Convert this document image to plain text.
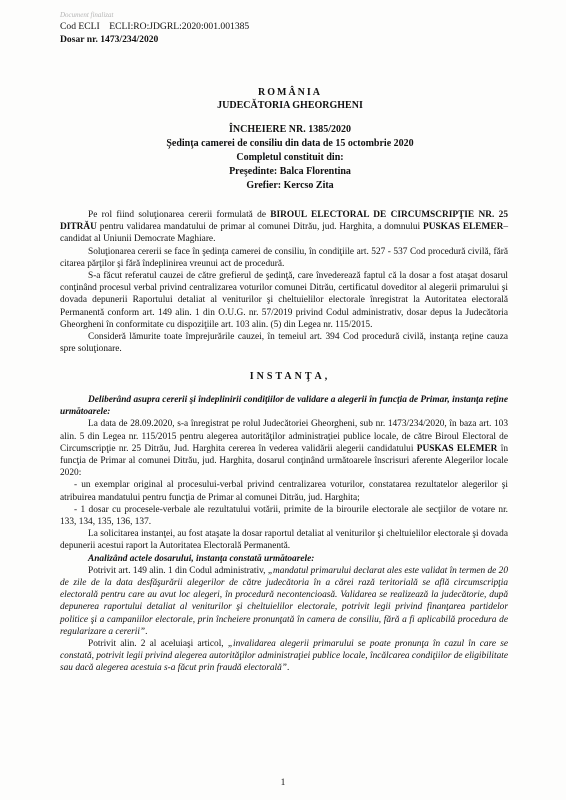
Document finalizat
Cod ECLI    ECLI:RO:JDGRL:2020:001.001385
Dosar nr. 1473/234/2020
ROMÂNIA
JUDECĂTORIA GHEORGHENI
ÎNCHEIERE NR. 1385/2020
Şedinţa camerei de consiliu din data de 15 octombrie 2020
Completul constituit din:
Preşedinte: Balca Florentina
Grefier: Kercso Zita

Pe rol fiind soluţionarea cererii formulată de BIROUL ELECTORAL DE CIRCUMSCRIPŢIE NR. 25 DITRĂU pentru validarea mandatului de primar al comunei Ditrău, jud. Harghita, a domnului PUSKAS ELEMER– candidat al Uniunii Democrate Maghiare.

Soluţionarea cererii se face în şedinţa camerei de consiliu, în condiţiile art. 527 - 537 Cod procedură civilă, fără citarea părţilor şi fără îndeplinirea vreunui act de procedură.

S-a făcut referatul cauzei de către grefierul de şedinţă, care învederează faptul că la dosar a fost ataşat dosarul conţinând procesul verbal privind centralizarea voturilor comunei Ditrău, certificatul doveditor al alegerii primarului şi dovada depunerii Raportului detaliat al veniturilor şi cheltuielilor electorale înregistrat la Autoritatea electorală Permanentă conform art. 149 alin. 1 din O.U.G. nr. 57/2019 privind Codul administrativ, dosar depus la Judecătoria Gheorgheni în conformitate cu dispoziţiile art. 103 alin. (5) din Legea nr. 115/2015.

Consideră lămurite toate împrejurările cauzei, în temeiul art. 394 Cod procedură civilă, instanţa reţine cauza spre soluţionare.

INSTANŢA,

Deliberând asupra cererii şi îndeplinirii condiţiilor de validare a alegerii în funcţia de Primar, instanţa reţine următoarele:

La data de 28.09.2020, s-a înregistrat pe rolul Judecătoriei Gheorgheni, sub nr. 1473/234/2020, în baza art. 103 alin. 5 din Legea nr. 115/2015 pentru alegerea autorităţilor administraţiei publice locale, de către Biroul Electoral de Circumscripţie nr. 25 Ditrău, Jud. Harghita cererea în vederea validării alegerii candidatului PUSKAS ELEMER în funcţia de Primar al comunei Ditrău, jud. Harghita, dosarul conţinând următoarele înscrisuri aferente Alegerilor locale 2020:

- un exemplar original al procesului-verbal privind centralizarea voturilor, constatarea rezultatelor alegerilor şi atribuirea mandatului pentru funcţia de Primar al comunei Ditrău, jud. Harghita;

- 1 dosar cu procesele-verbale ale rezultatului votării, primite de la birourile electorale ale secţiilor de votare nr. 133, 134, 135, 136, 137.

La solicitarea instanţei, au fost ataşate la dosar raportul detaliat al veniturilor şi cheltuielilor electorale şi dovada depunerii acestui raport la Autoritatea Electorală Permanentă.

Analizând actele dosarului, instanţa constată următoarele:

Potrivit art. 149 alin. 1 din Codul administrativ, „mandatul primarului declarat ales este validat în termen de 20 de zile de la data desfăşurării alegerilor de către judecătoria în a cărei rază teritorială se află circumscripţia electorală pentru care au avut loc alegeri, în procedură necontencioasă. Validarea se realizează la judecătorie, după depunerea raportului detaliat al veniturilor şi cheltuielilor electorale, potrivit legii privind finanţarea partidelor politice şi a campaniilor electorale, prin încheiere pronunţată în camera de consiliu, fără a fi aplicabilă procedura de regularizare a cererii”.

Potrivit alin. 2 al aceluiaşi articol, „invalidarea alegerii primarului se poate pronunţa în cazul în care se constată, potrivit legii privind alegerea autorităţilor administraţiei publice locale, încălcarea condiţiilor de eligibilitate sau dacă alegerea acestuia s-a făcut prin fraudă electorală”.

1
